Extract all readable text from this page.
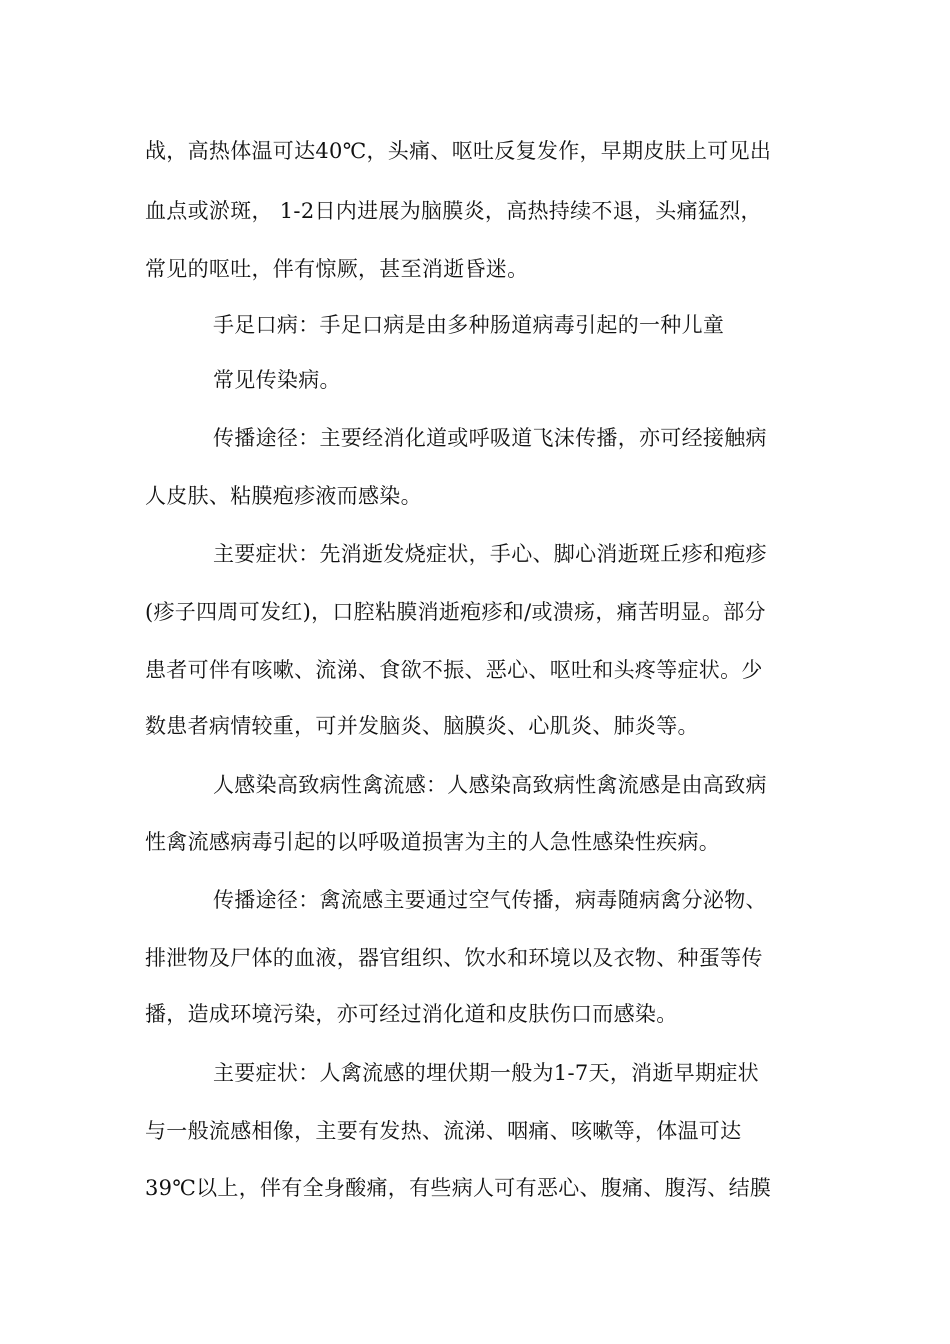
战，高热体温可达40℃，头痛、呕吐反复发作，早期皮肤上可见出

血点或淤斑， 1-2日内进展为脑膜炎，高热持续不退，头痛猛烈，

常见的呕吐，伴有惊厥，甚至消逝昏迷。

手足口病：手足口病是由多种肠道病毒引起的一种儿童

常见传染病。

传播途径：主要经消化道或呼吸道飞沫传播，亦可经接触病

人皮肤、粘膜疱疹液而感染。

主要症状：先消逝发烧症状，手心、脚心消逝斑丘疹和疱疹

(疹子四周可发红)，口腔粘膜消逝疱疹和/或溃疡，痛苦明显。部分

患者可伴有咳嗽、流涕、食欲不振、恶心、呕吐和头疼等症状。少

数患者病情较重，可并发脑炎、脑膜炎、心肌炎、肺炎等。

人感染高致病性禽流感：人感染高致病性禽流感是由高致病

性禽流感病毒引起的以呼吸道损害为主的人急性感染性疾病。

传播途径：禽流感主要通过空气传播，病毒随病禽分泌物、

排泄物及尸体的血液，器官组织、饮水和环境以及衣物、种蛋等传

播，造成环境污染，亦可经过消化道和皮肤伤口而感染。

主要症状：人禽流感的埋伏期一般为1-7天，消逝早期症状

与一般流感相像，主要有发热、流涕、咽痛、咳嗽等，体温可达

39℃以上，伴有全身酸痛，有些病人可有恶心、腹痛、腹泻、结膜
